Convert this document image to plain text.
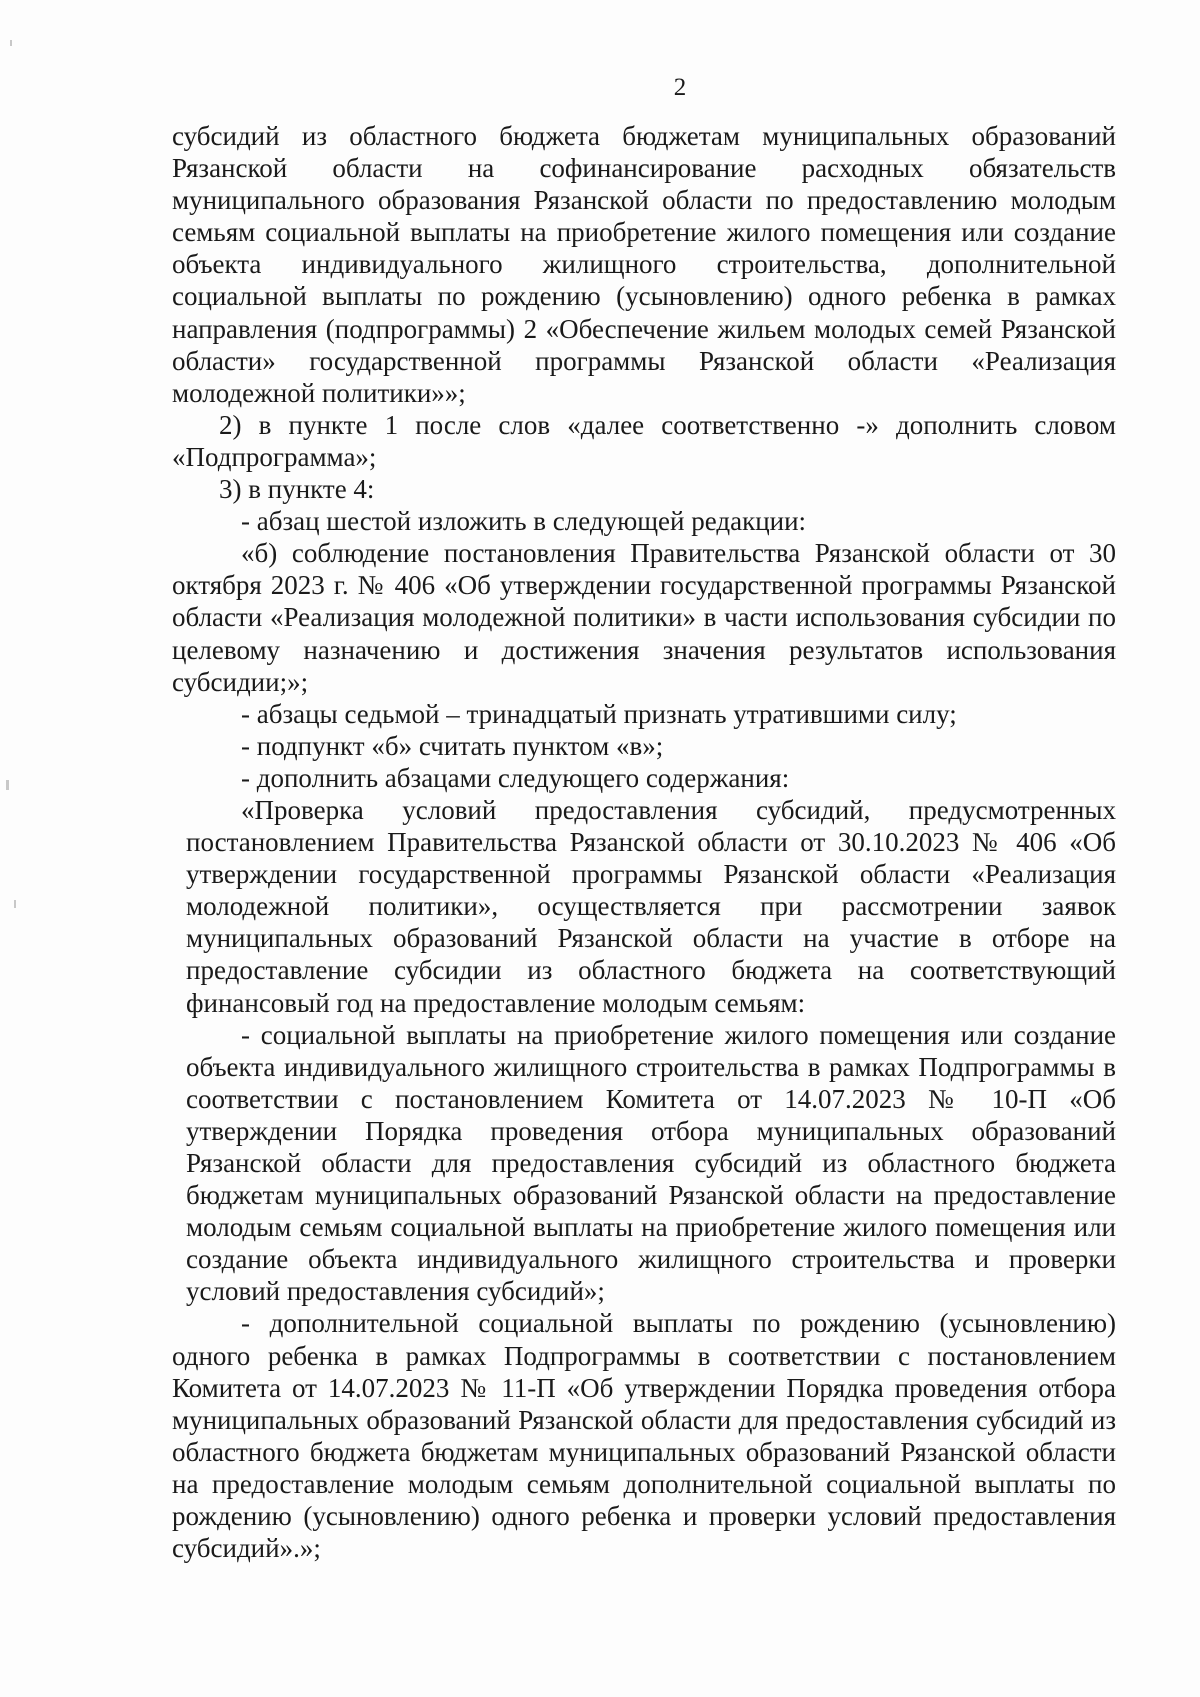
2

субсидий из областного бюджета бюджетам муниципальных образований Рязанской области на софинансирование расходных обязательств муниципального образования Рязанской области по предоставлению молодым семьям социальной выплаты на приобретение жилого помещения или создание объекта индивидуального жилищного строительства, дополнительной социальной выплаты по рождению (усыновлению) одного ребенка в рамках направления (подпрограммы) 2 «Обеспечение жильем молодых семей Рязанской области» государственной программы Рязанской области «Реализация молодежной политики»»;

2) в пункте 1 после слов «далее соответственно -» дополнить словом «Подпрограмма»;

3) в пункте 4:

- абзац шестой изложить в следующей редакции:

«б) соблюдение постановления Правительства Рязанской области от 30 октября 2023 г. № 406 «Об утверждении государственной программы Рязанской области «Реализация молодежной политики» в части использования субсидии по целевому назначению и достижения значения результатов использования субсидии;»;

- абзацы седьмой – тринадцатый признать утратившими силу;

- подпункт «б» считать пунктом «в»;

- дополнить абзацами следующего содержания:

«Проверка условий предоставления субсидий, предусмотренных постановлением Правительства Рязанской области от 30.10.2023 № 406 «Об утверждении государственной программы Рязанской области «Реализация молодежной политики», осуществляется при рассмотрении заявок муниципальных образований Рязанской области на участие в отборе на предоставление субсидии из областного бюджета на соответствующий финансовый год на предоставление молодым семьям:

- социальной выплаты на приобретение жилого помещения или создание объекта индивидуального жилищного строительства в рамках Подпрограммы в соответствии с постановлением Комитета от 14.07.2023 № 10-П «Об утверждении Порядка проведения отбора муниципальных образований Рязанской области для предоставления субсидий из областного бюджета бюджетам муниципальных образований Рязанской области на предоставление молодым семьям социальной выплаты на приобретение жилого помещения или создание объекта индивидуального жилищного строительства и проверки условий предоставления субсидий»;

- дополнительной социальной выплаты по рождению (усыновлению) одного ребенка в рамках Подпрограммы в соответствии с постановлением Комитета от 14.07.2023 № 11-П «Об утверждении Порядка проведения отбора муниципальных образований Рязанской области для предоставления субсидий из областного бюджета бюджетам муниципальных образований Рязанской области на предоставление молодым семьям дополнительной социальной выплаты по рождению (усыновлению) одного ребенка и проверки условий предоставления субсидий».»;
